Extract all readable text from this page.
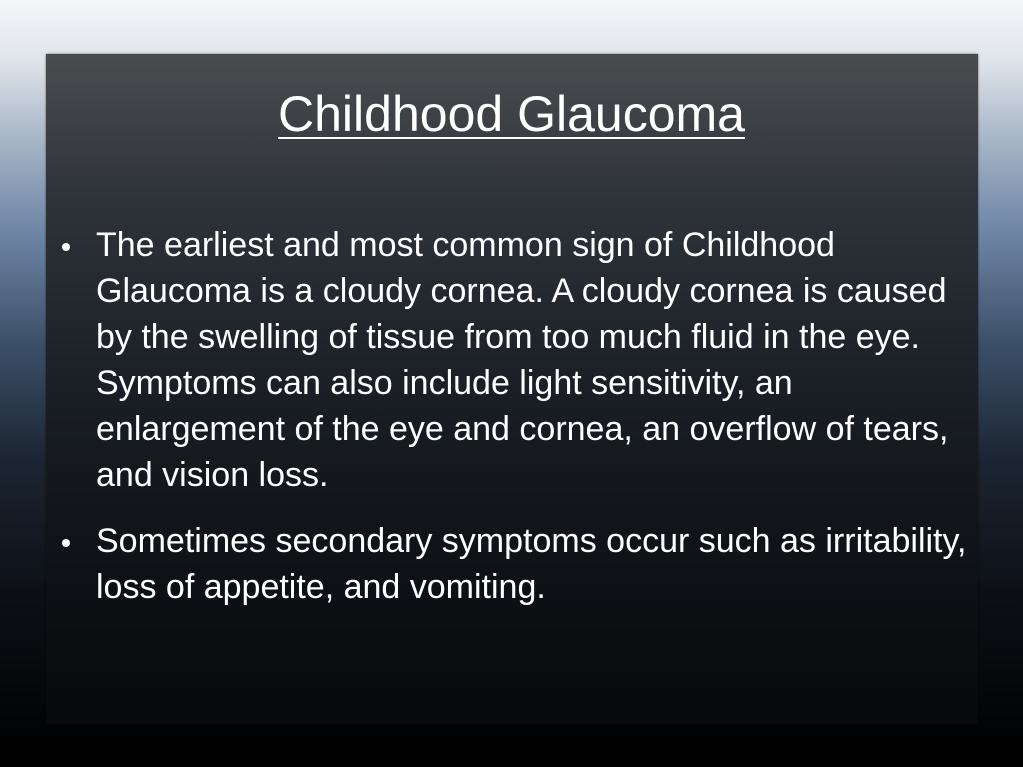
Childhood Glaucoma
The earliest and most common sign of Childhood Glaucoma is a cloudy cornea. A cloudy cornea is caused by the swelling of tissue from too much fluid in the eye. Symptoms can also include light sensitivity, an enlargement of the eye and cornea, an overflow of tears, and vision loss.
Sometimes secondary symptoms occur such as irritability, loss of appetite, and vomiting.
